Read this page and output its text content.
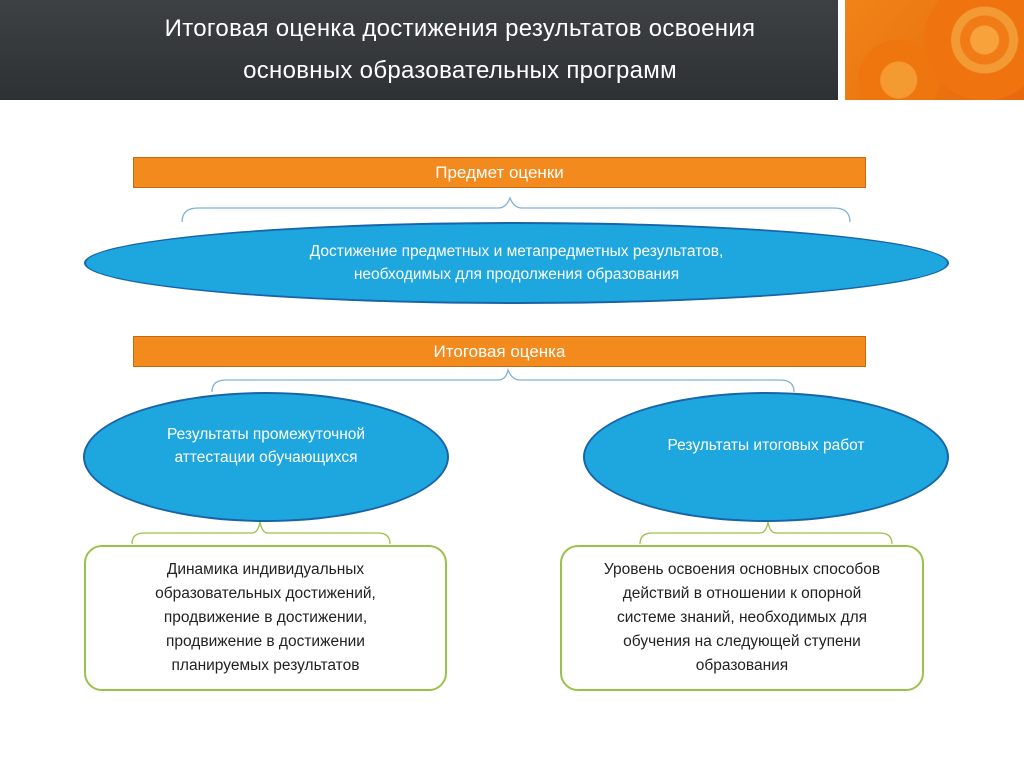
Итоговая оценка достижения результатов освоения
основных образовательных программ
Предмет оценки
Достижение предметных и метапредметных результатов,
необходимых для продолжения образования
Итоговая оценка
Результаты промежуточной
аттестации обучающихся
Результаты итоговых работ
Динамика индивидуальных
образовательных достижений,
продвижение в достижении,
продвижение в достижении
планируемых результатов
Уровень освоения основных способов
действий в отношении к опорной
системе знаний, необходимых для
обучения на следующей ступени
образования
